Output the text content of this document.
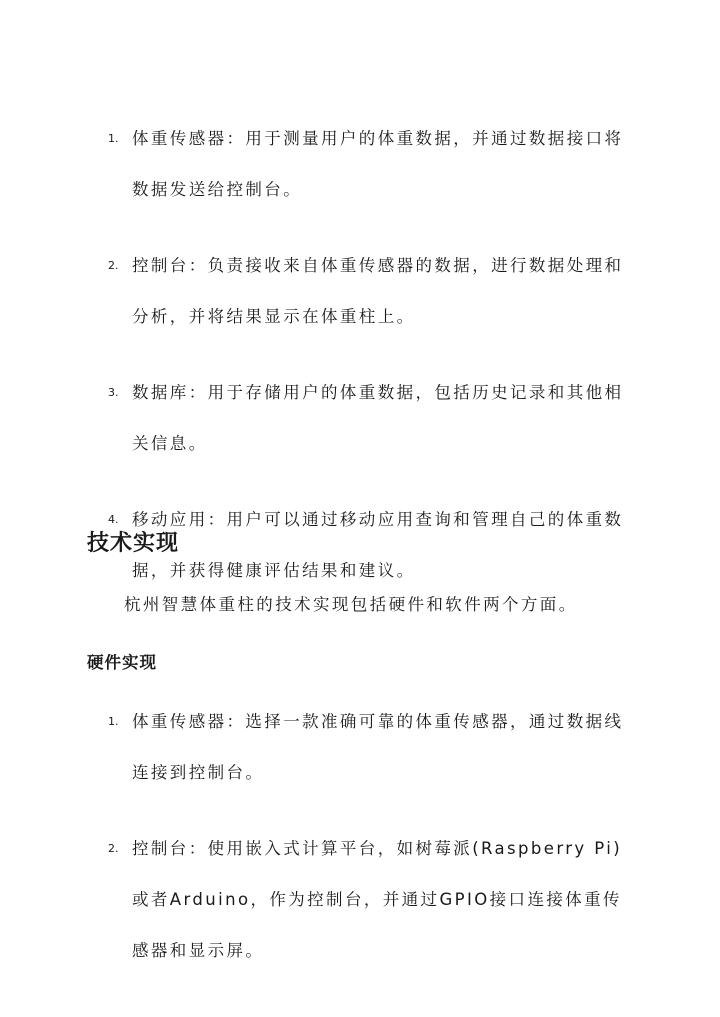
1. 体重传感器：用于测量用户的体重数据，并通过数据接口将数据发送给控制台。
2. 控制台：负责接收来自体重传感器的数据，进行数据处理和分析，并将结果显示在体重柱上。
3. 数据库：用于存储用户的体重数据，包括历史记录和其他相关信息。
4. 移动应用：用户可以通过移动应用查询和管理自己的体重数据，并获得健康评估结果和建议。
技术实现
杭州智慧体重柱的技术实现包括硬件和软件两个方面。
硬件实现
1. 体重传感器：选择一款准确可靠的体重传感器，通过数据线连接到控制台。
2. 控制台：使用嵌入式计算平台，如树莓派(Raspberry Pi)或者Arduino，作为控制台，并通过GPIO接口连接体重传感器和显示屏。
